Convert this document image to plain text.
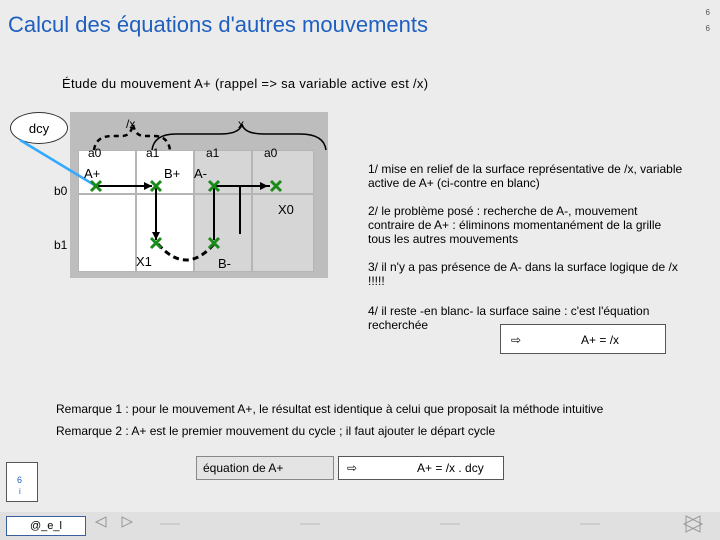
Calcul des équations d'autres mouvements	6
6
Étude du mouvement A+ (rappel => sa variable active est /x)
dcy	/x	x
a0	a1	a1	a0
b0
b1
A+	B+ A-
B-
X0
X1
1/ mise en relief de la surface représentative de /x, variable active de A+ (ci-contre en blanc)
2/ le problème posé : recherche de A-, mouvement contraire de A+ : éliminons momentanément de la grille tous les autres mouvements
3/ il n'y a pas présence de A- dans la surface logique de /x !!!!!
4/ il reste -en blanc- la surface saine : c'est l'équation recherchée
⇨	A+ = /x
Remarque 1 : pour le mouvement A+, le résultat est identique à celui que proposait la méthode intuitive
Remarque 2 : A+ est le premier mouvement du cycle ; il faut ajouter le départ cycle
équation de A+	⇨	A+ = /x . dcy
6
i
@_e_l
